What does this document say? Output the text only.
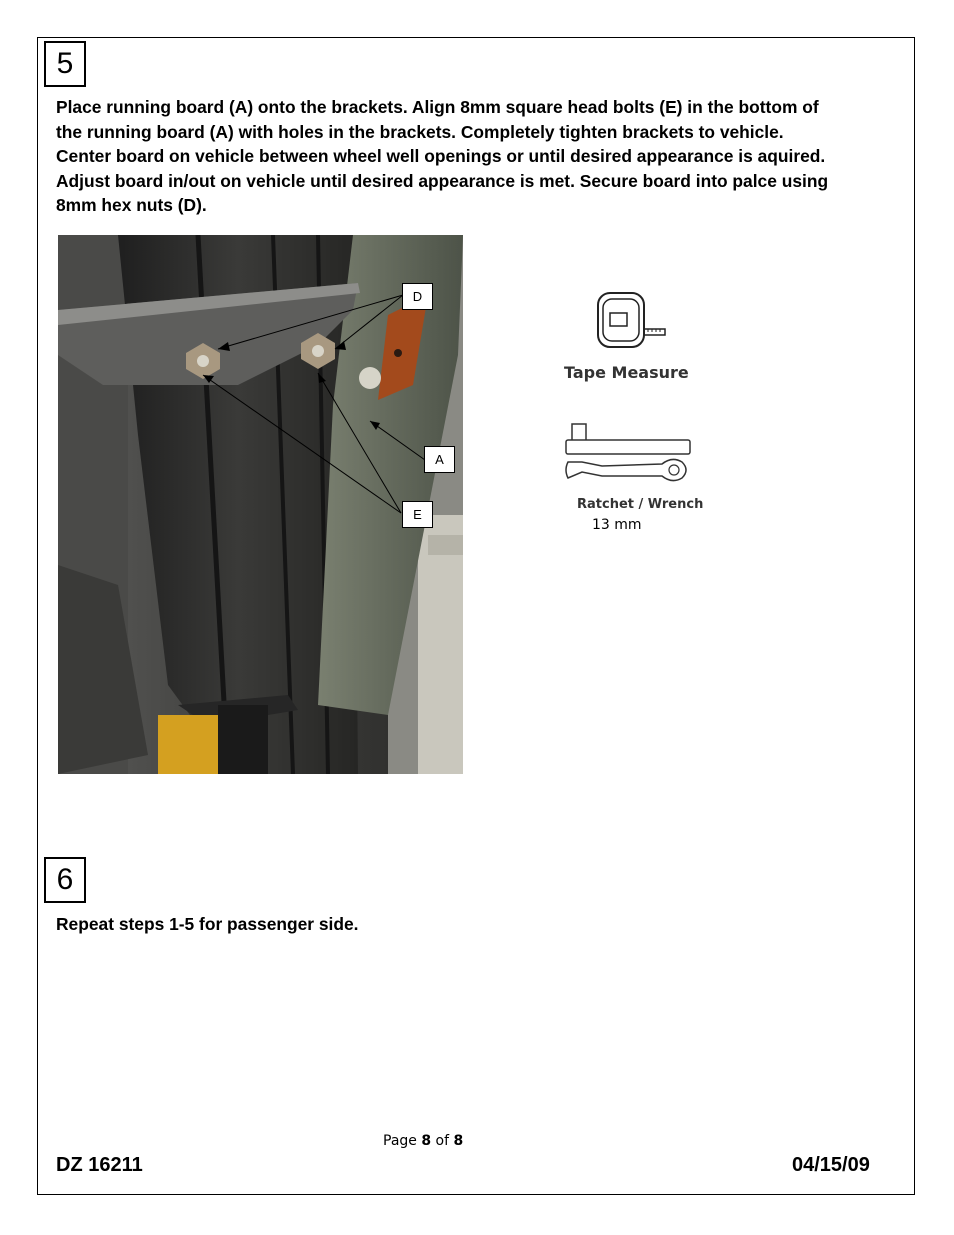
5
Place running board (A) onto the brackets. Align 8mm square head bolts (E) in the bottom of
the running board (A) with holes in the brackets. Completely tighten brackets to vehicle.
Center board on vehicle between wheel well openings or until desired appearance is aquired.
Adjust board in/out on vehicle until desired appearance is met. Secure board into palce using
8mm hex nuts (D).
D
A
E
Tape Measure
Ratchet / Wrench
13 mm
6
Repeat steps 1-5 for passenger side.
Page 8 of 8
DZ 16211	04/15/09
